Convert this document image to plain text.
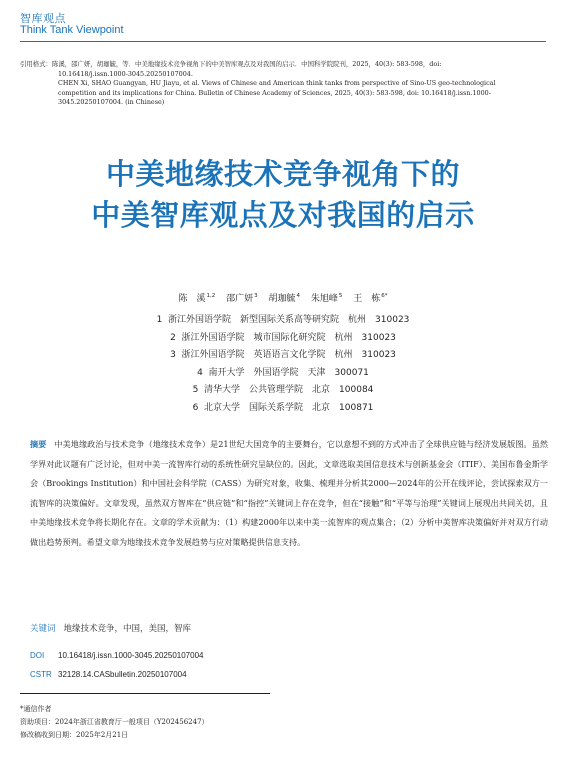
智库观点
Think Tank Viewpoint
引用格式：陈溪，邵广妍，胡珈毓，等．中美地缘技术竞争视角下的中美智库观点及对我国的启示．中国科学院院刊，2025，40(3): 583-598，doi:
10.16418/j.issn.1000-3045.20250107004.
CHEN Xi, SHAO Guangyan, HU Jiayu, et al. Views of Chinese and American think tanks from perspective of Sino-US geo-technological
competition and its implications for China. Bulletin of Chinese Academy of Sciences, 2025, 40(3): 583-598, doi: 10.16418/j.issn.1000-
3045.20250107004. (in Chinese)
中美地缘技术竞争视角下的
中美智库观点及对我国的启示
陈　溪$^{1,2}$ 邵广妍$^3$ 胡珈毓$^4$ 朱旭峰$^5$ 王　栋$^{6*}$
1  浙江外国语学院　新型国际关系高等研究院　杭州　310023
2  浙江外国语学院　城市国际化研究院　杭州　310023
3  浙江外国语学院　英语语言文化学院　杭州　310023
4  南开大学　外国语学院　天津　300071
5  清华大学　公共管理学院　北京　100084
6  北京大学　国际关系学院　北京　100871
摘要 中美地缘政治与技术竞争（地缘技术竞争）是21世纪大国竞争的主要舞台，它以意想不到的方式冲击了全球供应链与经济发展版图。虽然学界对此议题有广泛讨论，但对中美一流智库行动的系统性研究呈缺位的。因此，文章选取美国信息技术与创新基金会（ITIF）、美国布鲁金斯学会（Brookings Institution）和中国社会科学院（CASS）为研究对象，收集、梳理并分析其2000—2024年的公开在线评论，尝试探索双方一流智库的决策偏好。文章发现，虽然双方智库在“供应链”和“指控”关键词上存在竞争，但在“接触”和“平等与治理”关键词上展现出共同关切，且中美地缘技术竞争将长期化存在。文章的学术贡献为：（1）构建2000年以来中美一流智库的观点集合；（2）分析中美智库决策偏好并对双方行动做出趋势预判。希望文章为地缘技术竞争发展趋势与应对策略提供信息支持。
关键词 地缘技术竞争，中国，美国，智库
DOI 10.16418/j.issn.1000-3045.20250107004
CSTR 32128.14.CASbulletin.20250107004
*通信作者
资助项目：2024年浙江省教育厅一般项目（Y202456247）
修改稿收到日期：2025年2月21日
